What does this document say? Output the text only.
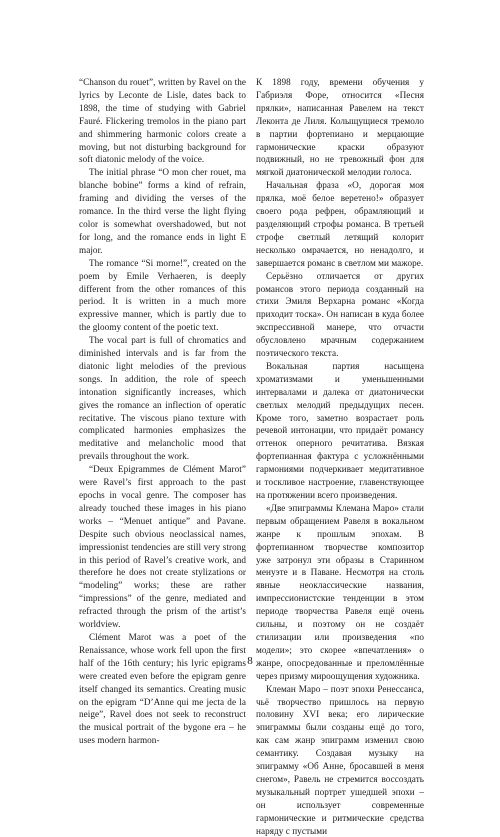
“Chanson du rouet”, written by Ravel on the lyrics by Leconte de Lisle, dates back to 1898, the time of studying with Gabriel Fauré. Flickering tremolos in the piano part and shimmering harmonic colors create a moving, but not disturbing background for soft diatonic melody of the voice.

The initial phrase “O mon cher rouet, ma blanche bobine” forms a kind of refrain, framing and dividing the verses of the romance. In the third verse the light flying color is somewhat overshadowed, but not for long, and the romance ends in light E major.

The romance “Si morne!”, created on the poem by Emile Verhaeren, is deeply different from the other romances of this period. It is written in a much more expressive manner, which is partly due to the gloomy content of the poetic text.

The vocal part is full of chromatics and diminished intervals and is far from the diatonic light melodies of the previous songs. In addition, the role of speech intonation significantly increases, which gives the romance an inflection of operatic recitative. The viscous piano texture with complicated harmonies emphasizes the meditative and melancholic mood that prevails throughout the work.

“Deux Epigrammes de Clément Marot” were Ravel’s first approach to the past epochs in vocal genre. The composer has already touched these images in his piano works – “Menuet antique” and Pavane. Despite such obvious neoclassical names, impressionist tendencies are still very strong in this period of Ravel’s creative work, and therefore he does not create stylizations or “modeling” works; these are rather “impressions” of the genre, mediated and refracted through the prism of the artist’s worldview.

Clément Marot was a poet of the Renaissance, whose work fell upon the first half of the 16th century; his lyric epigrams were created even before the epigram genre itself changed its semantics. Creating music on the epigram “D’Anne qui me jecta de la neige”, Ravel does not seek to reconstruct the musical portrait of the bygone era – he uses modern harmon-

К 1898 году, времени обучения у Габриэля Форе, относится «Песня прялки», написанная Равелем на текст Леконта де Лиля. Колыщущиеся тремоло в партии фортепиано и мерцающие гармонические краски образуют подвижный, но не тревожный фон для мягкой диатонической мелодии голоса.

Начальная фраза «О, дорогая моя прялка, моё белое веретено!» образует своего рода рефрен, обрамляющий и разделяющий строфы романса. В третьей строфе светлый летящий колорит несколько омрачается, но ненадолго, и завершается романс в светлом ми мажоре.

Серьёзно отличается от других романсов этого периода созданный на стихи Эмиля Верхарна романс «Когда приходит тоска». Он написан в куда более экспрессивной манере, что отчасти обусловлено мрачным содержанием поэтического текста.

Вокальная партия насыщена хроматизмами и уменьшенными интервалами и далека от диатонически светлых мелодий предыдущих песен. Кроме того, заметно возрастает роль речевой интонации, что придаёт романсу оттенок оперного речитатива. Вязкая фортепианная фактура с усложнёнными гармониями подчеркивает медитативное и тоскливое настроение, главенствующее на протяжении всего произведения.

«Две эпиграммы Клемана Маро» стали первым обращением Равеля в вокальном жанре к прошлым эпохам. В фортепианном творчестве композитор уже затронул эти образы в Старинном менуэте и в Паване. Несмотря на столь явные неоклассические названия, импрессионистские тенденции в этом периоде творчества Равеля ещё очень сильны, и поэтому он не создаёт стилизации или произведения «по модели»; это скорее «впечатления» о жанре, опосредованные и преломлённые через призму мироощущения художника.

Клеман Маро – поэт эпохи Ренессанса, чьё творчество пришлось на первую половину XVI века; его лирические эпиграммы были созданы ещё до того, как сам жанр эпиграмм изменил свою семантику. Создавая музыку на эпиграмму «Об Анне, бросавшей в меня снегом», Равель не стремится воссоздать музыкальный портрет ушедшей эпохи – он использует современные гармонические и ритмические средства наряду с пустыми

8
